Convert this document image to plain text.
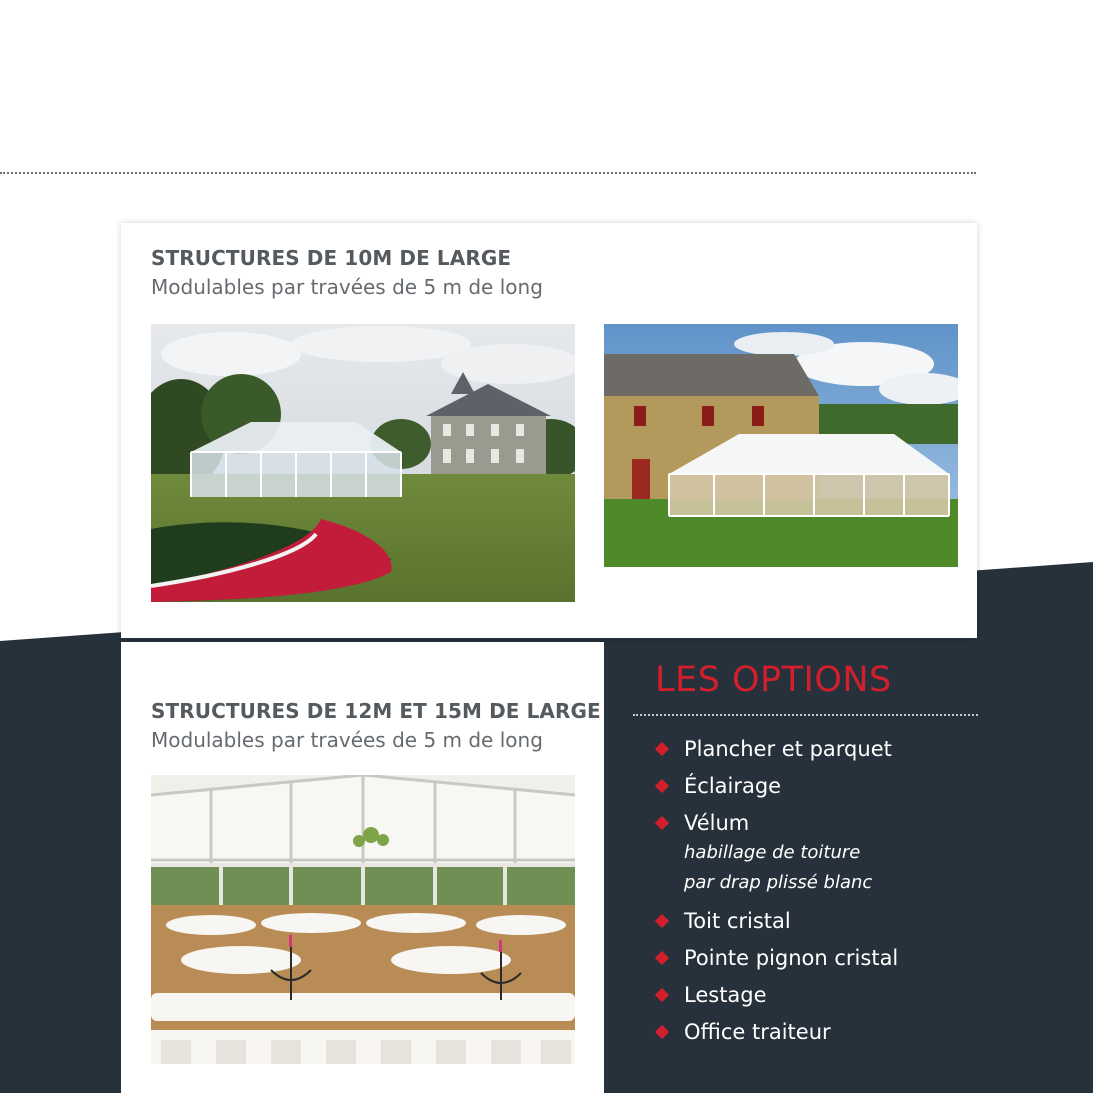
STRUCTURES DE 10M DE LARGE
Modulables par travées de 5 m de long
STRUCTURES DE 12M ET 15M DE LARGE
Modulables par travées de 5 m de long
LES OPTIONS
Plancher et parquet
Éclairage
Vélum
habillage de toiture
par drap plissé blanc
Toit cristal
Pointe pignon cristal
Lestage
Office traiteur
